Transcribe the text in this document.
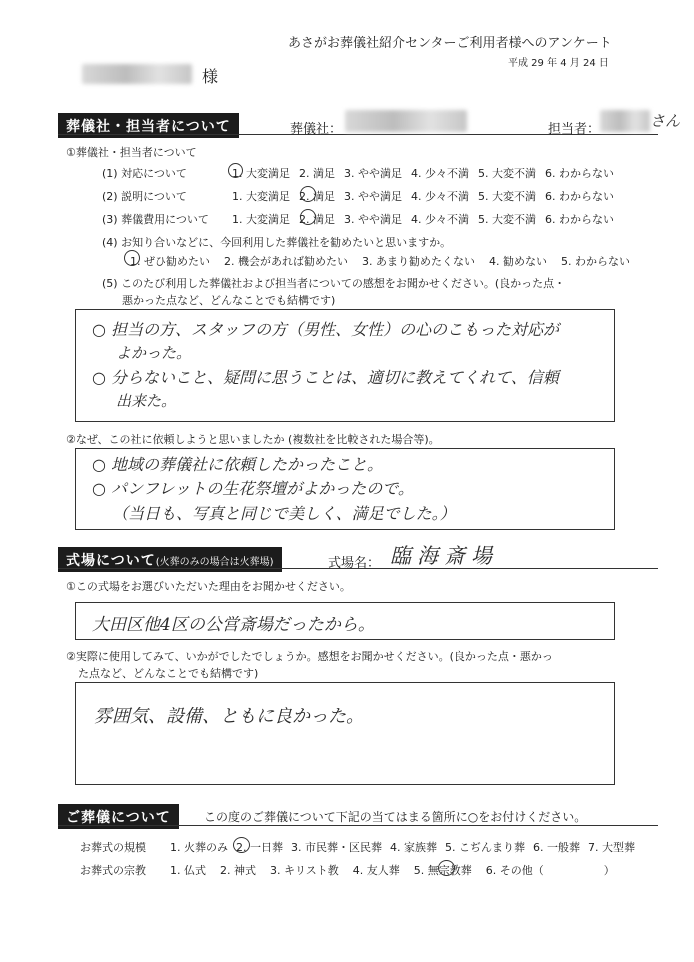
あさがお葬儀社紹介センターご利用者様へのアンケート
平成 29 年 4 月 24 日
様
葬儀社・担当者について	葬儀社：	担当者：	さん
①葬儀社・担当者について
(1) 対応について	1. 大変満足 2. 満足 3. やや満足 4. 少々不満 5. 大変不満 6. わからない
(2) 説明について	1. 大変満足 2. 満足 3. やや満足 4. 少々不満 5. 大変不満 6. わからない
(3) 葬儀費用について 1. 大変満足 2. 満足 3. やや満足 4. 少々不満 5. 大変不満 6. わからない
(4) お知り合いなどに、今回利用した葬儀社を勧めたいと思いますか。
1. ぜひ勧めたい 2. 機会があれば勧めたい 3. あまり勧めたくない 4. 勧めない 5. わからない
(5) このたび利用した葬儀社および担当者についての感想をお聞かせください。(良かった点・
悪かった点など、どんなことでも結構です)
○ 担当の方、スタッフの方（男性、女性）の心のこもった対応が
よかった。
○ 分らないこと、疑問に思うことは、適切に教えてくれて、信頼
出来た。
②なぜ、この社に依頼しようと思いましたか (複数社を比較された場合等)。
○ 地域の葬儀社に依頼したかったこと。
○ パンフレットの生花祭壇がよかったので。
（当日も、写真と同じで美しく、満足でした。）
式場について(火葬のみの場合は火葬場)	式場名： 臨海斎場
①この式場をお選びいただいた理由をお聞かせください。
大田区他4区の公営斎場だったから。
②実際に使用してみて、いかがでしたでしょうか。感想をお聞かせください。(良かった点・悪かっ
た点など、どんなことでも結構です)
雰囲気、設備、ともに良かった。
ご葬儀について	この度のご葬儀について下記の当てはまる箇所に○をお付けください。
お葬式の規模 1. 火葬のみ 2. 一日葬 3. 市民葬・区民葬 4. 家族葬 5. こぢんまり葬 6. 一般葬 7. 大型葬
お葬式の宗教 1. 仏式 2. 神式 3. キリスト教 4. 友人葬 5. 無宗教葬 6. その他（	）
